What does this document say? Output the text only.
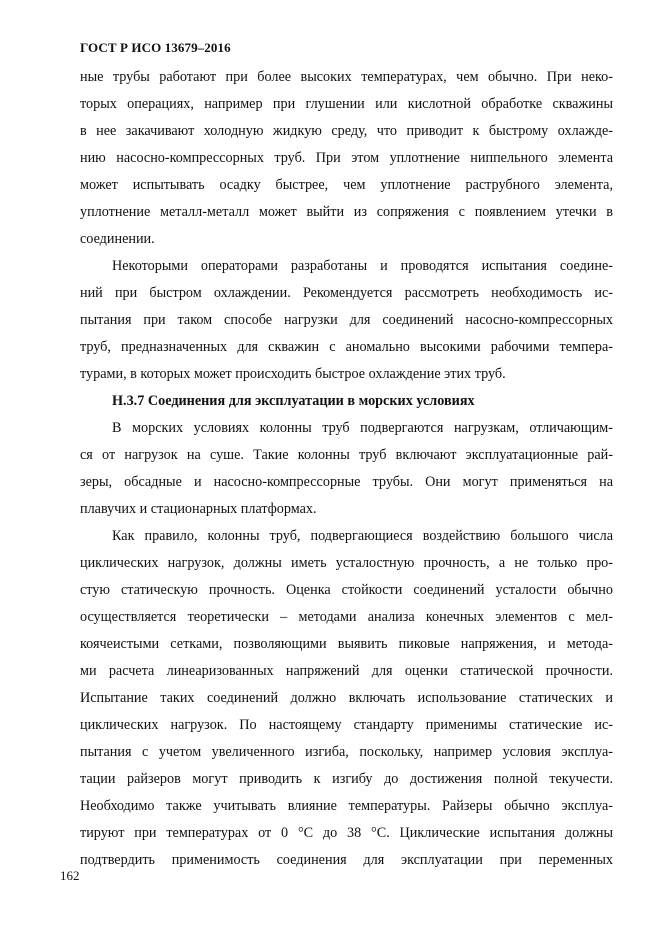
ГОСТ Р ИСО 13679–2016
ные трубы работают при более высоких температурах, чем обычно. При неко-
торых операциях, например при глушении или кислотной обработке скважины
в нее закачивают холодную жидкую среду, что приводит к быстрому охлажде-
нию насосно-компрессорных труб. При этом уплотнение ниппельного элемента
может испытывать осадку быстрее, чем уплотнение раструбного элемента,
уплотнение металл-металл может выйти из сопряжения с появлением утечки в
соединении.
Некоторыми операторами разработаны и проводятся испытания соедине-
ний при быстром охлаждении. Рекомендуется рассмотреть необходимость ис-
пытания при таком способе нагрузки для соединений насосно-компрессорных
труб, предназначенных для скважин с аномально высокими рабочими темпера-
турами, в которых может происходить быстрое охлаждение этих труб.
Н.3.7 Соединения для эксплуатации в морских условиях
В морских условиях колонны труб подвергаются нагрузкам, отличающим-
ся от нагрузок на суше. Такие колонны труб включают эксплуатационные рай-
зеры, обсадные и насосно-компрессорные трубы. Они могут применяться на
плавучих и стационарных платформах.
Как правило, колонны труб, подвергающиеся воздействию большого числа
циклических нагрузок, должны иметь усталостную прочность, а не только про-
стую статическую прочность. Оценка стойкости соединений усталости обычно
осуществляется теоретически – методами анализа конечных элементов с мел-
коячеистыми сетками, позволяющими выявить пиковые напряжения, и метода-
ми расчета линеаризованных напряжений для оценки статической прочности.
Испытание таких соединений должно включать использование статических и
циклических нагрузок. По настоящему стандарту применимы статические ис-
пытания с учетом увеличенного изгиба, поскольку, например условия эксплуа-
тации райзеров могут приводить к изгибу до достижения полной текучести.
Необходимо также учитывать влияние температуры. Райзеры обычно эксплуа-
тируют при температурах от 0 °С до 38 °С. Циклические испытания должны
подтвердить применимость соединения для эксплуатации при переменных
162
